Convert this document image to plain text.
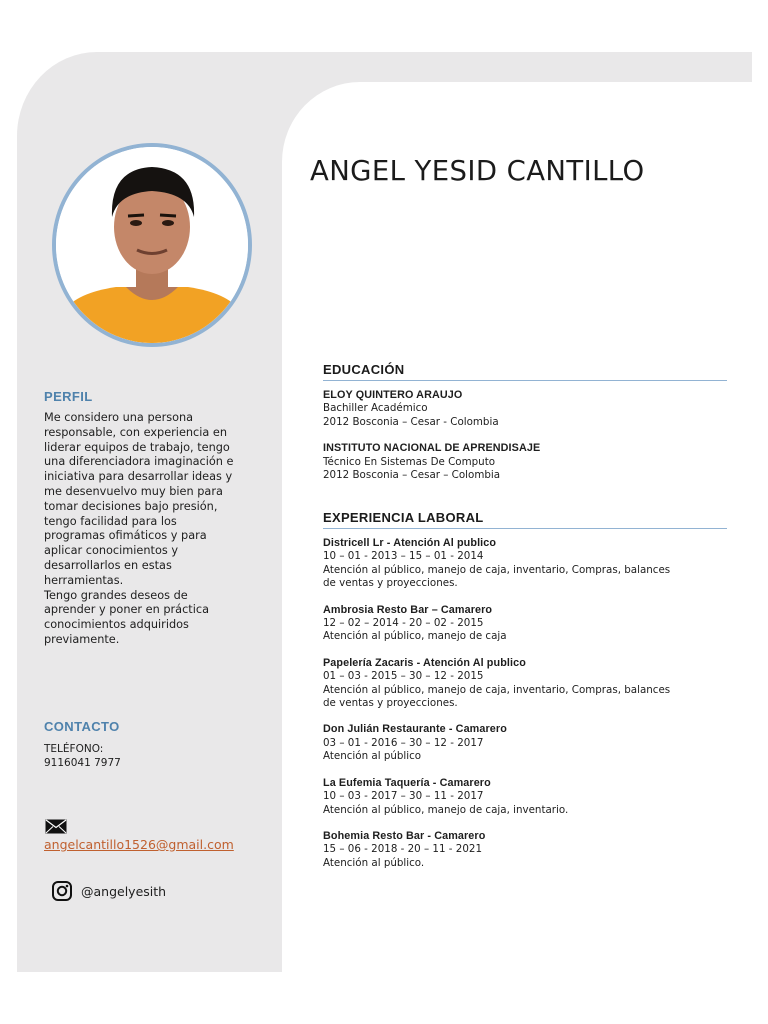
ANGEL YESID CANTILLO
PERFIL

Me considero una persona
responsable, con experiencia en
liderar equipos de trabajo, tengo
una diferenciadora imaginación e
iniciativa para desarrollar ideas y
me desenvuelvo muy bien para
tomar decisiones bajo presión,
tengo facilidad para los
programas ofimáticos y para
aplicar conocimientos y
desarrollarlos en estas
herramientas.
Tengo grandes deseos de
aprender y poner en práctica
conocimientos adquiridos
previamente.

CONTACTO

TELÉFONO:

9116041 7977

angelcantillo1526@gmail.com

@angelyesith

EDUCACIÓN

ELOY QUINTERO ARAUJO

Bachiller Académico

2012 Bosconia – Cesar - Colombia

INSTITUTO NACIONAL DE APRENDISAJE

Técnico En Sistemas De Computo

2012 Bosconia – Cesar – Colombia

EXPERIENCIA LABORAL

Districell Lr - Atención Al publico

10 – 01 - 2013 – 15 – 01 - 2014

Atención al público, manejo de caja, inventario, Compras, balances
de ventas y proyecciones.

Ambrosia Resto Bar – Camarero

12 – 02 – 2014 - 20 – 02 - 2015

Atención al público, manejo de caja

Papelería Zacaris - Atención Al publico

01 – 03 - 2015 – 30 – 12 - 2015

Atención al público, manejo de caja, inventario, Compras, balances
de ventas y proyecciones.

Don Julián Restaurante - Camarero

03 – 01 - 2016 – 30 – 12 - 2017

Atención al público

La Eufemia Taquería - Camarero

10 – 03 - 2017 – 30 – 11 - 2017

Atención al público, manejo de caja, inventario.

Bohemia Resto Bar - Camarero

15 – 06 - 2018 - 20 – 11 - 2021

Atención al público.
